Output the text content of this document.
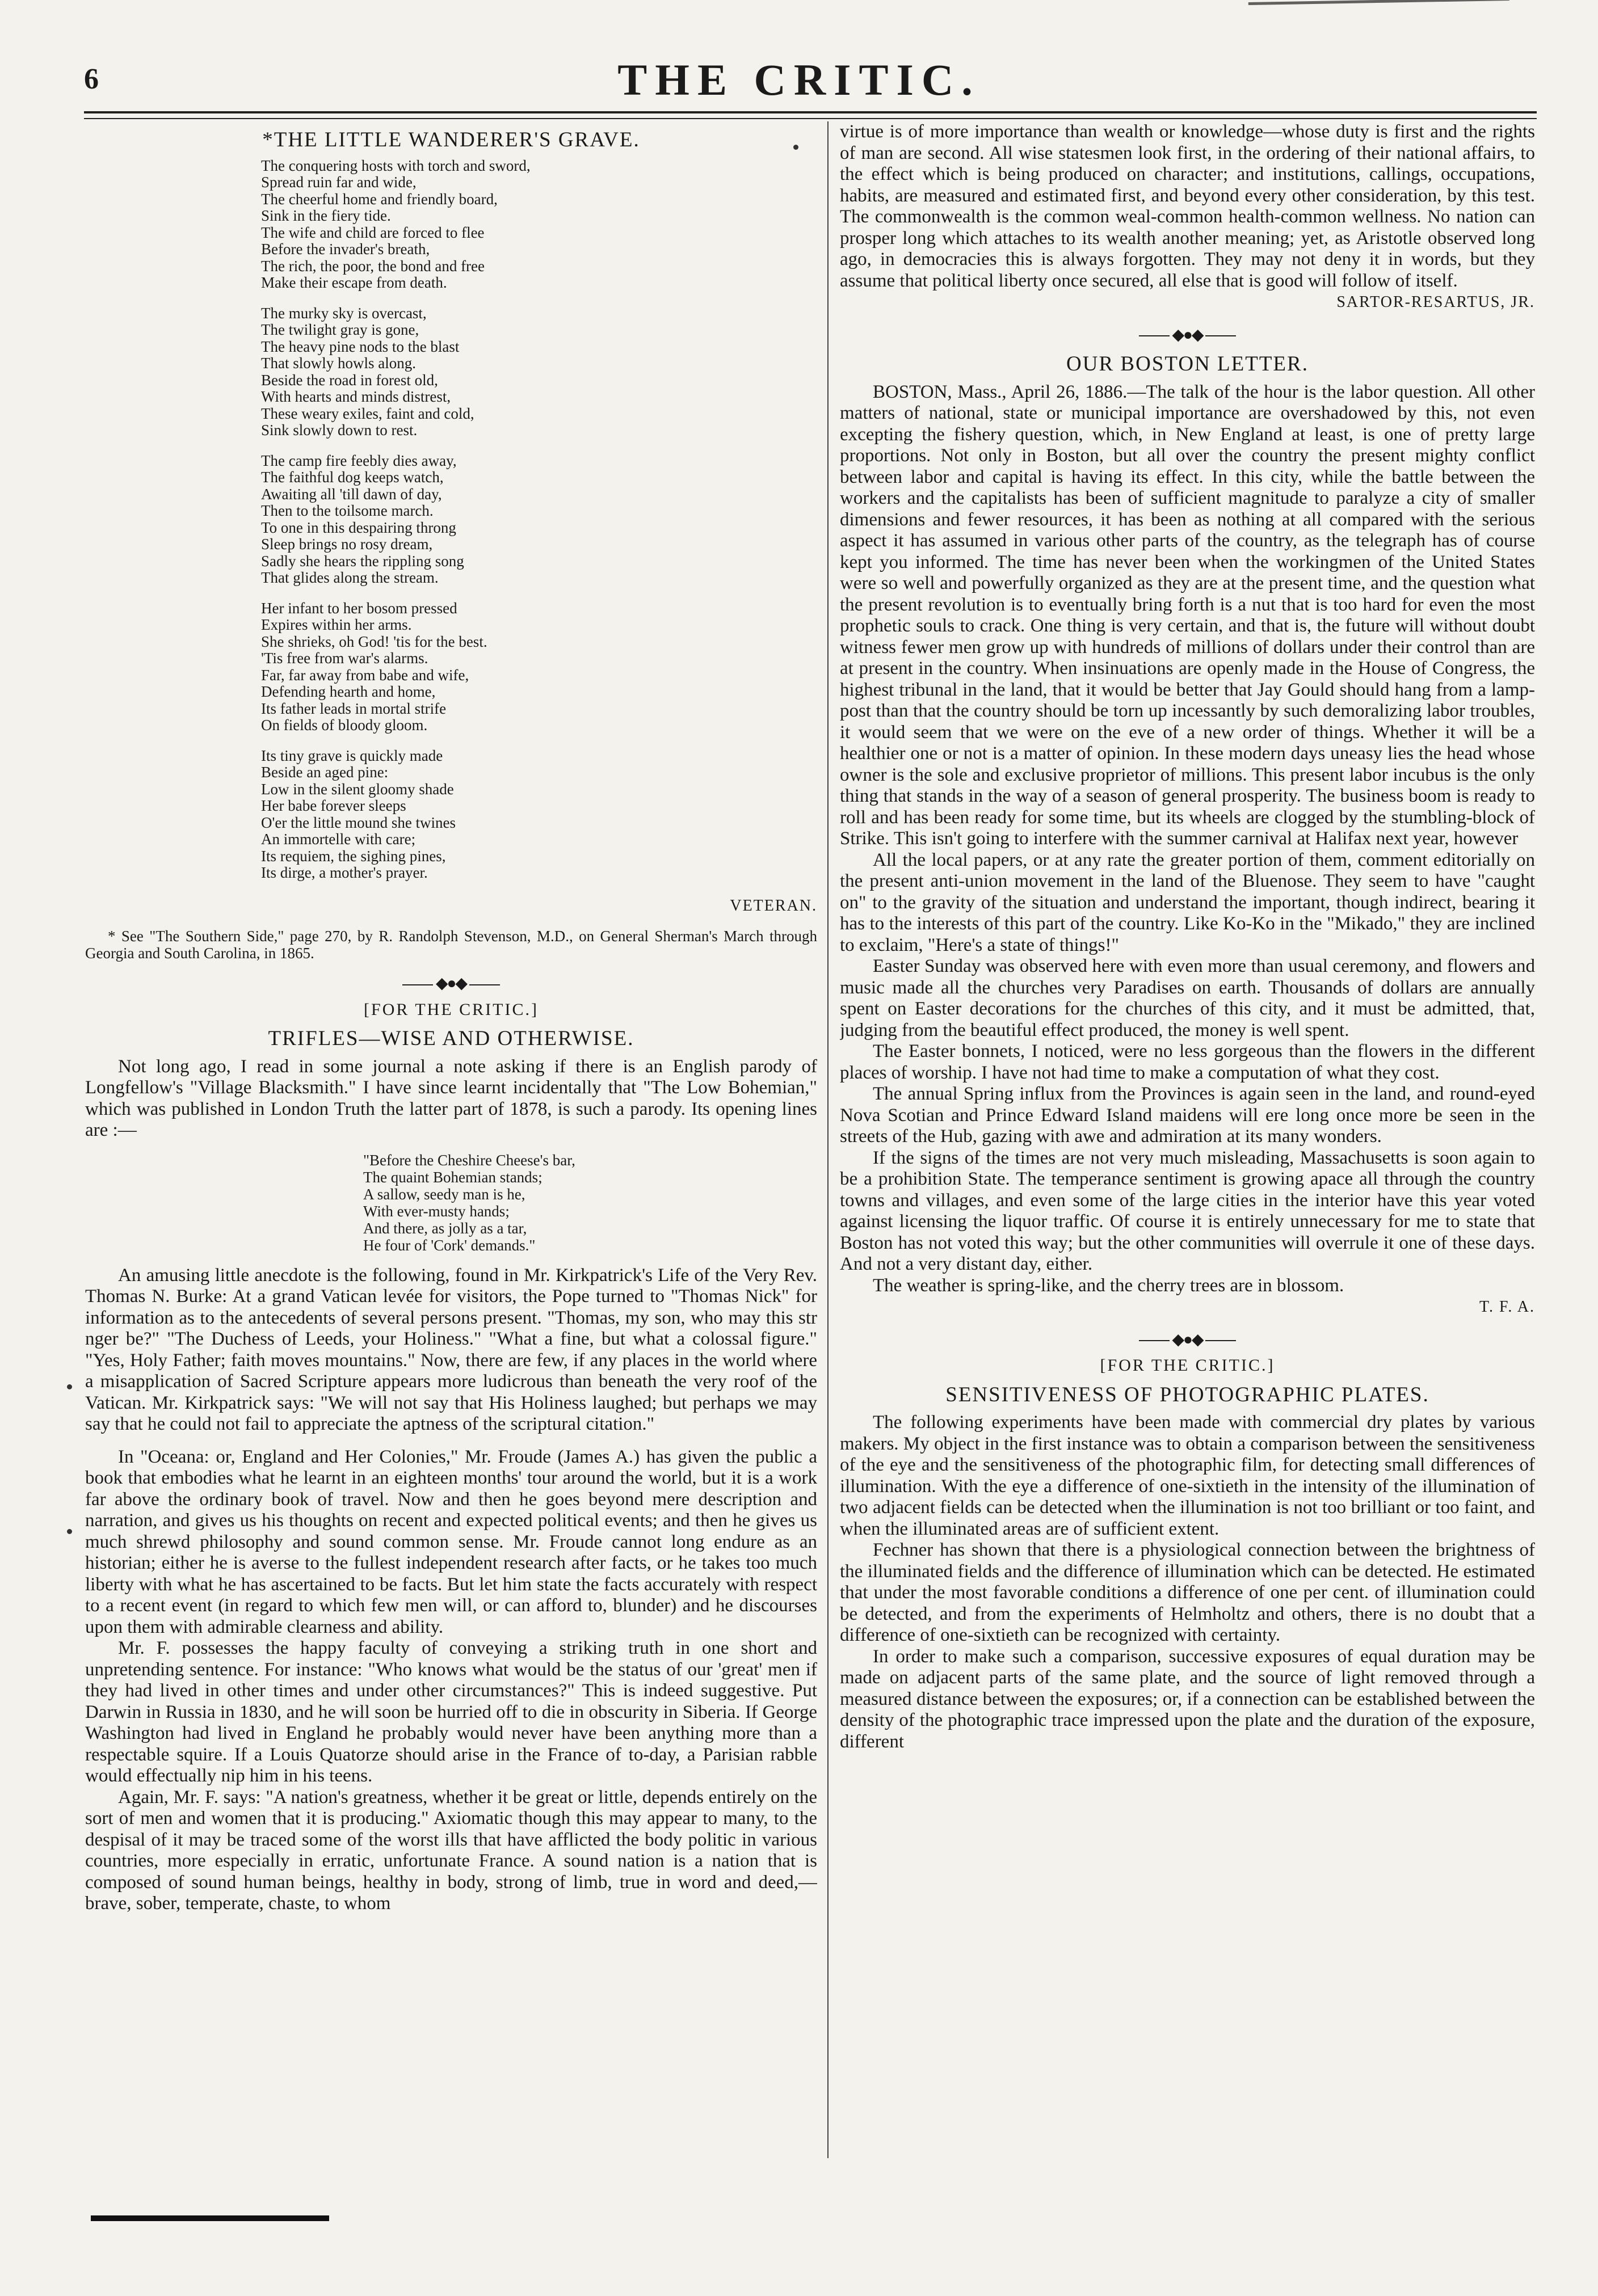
6	THE CRITIC.
*THE LITTLE WANDERER'S GRAVE.
The conquering hosts with torch and sword,
Spread ruin far and wide,
The cheerful home and friendly board,
Sink in the fiery tide.
The wife and child are forced to flee
Before the invader's breath,
The rich, the poor, the bond and free
Make their escape from death.
The murky sky is overcast,
The twilight gray is gone,
The heavy pine nods to the blast
That slowly howls along.
Beside the road in forest old,
With hearts and minds distrest,
These weary exiles, faint and cold,
Sink slowly down to rest.
The camp fire feebly dies away,
The faithful dog keeps watch,
Awaiting all 'till dawn of day,
Then to the toilsome march.
To one in this despairing throng
Sleep brings no rosy dream,
Sadly she hears the rippling song
That glides along the stream.
Her infant to her bosom pressed
Expires within her arms.
She shrieks, oh God! 'tis for the best.
'Tis free from war's alarms.
Far, far away from babe and wife,
Defending hearth and home,
Its father leads in mortal strife
On fields of bloody gloom.
Its tiny grave is quickly made
Beside an aged pine:
Low in the silent gloomy shade
Her babe forever sleeps
O'er the little mound she twines
An immortelle with care;
Its requiem, the sighing pines,
Its dirge, a mother's prayer.
VETERAN.

* See "The Southern Side," page 270, by R. Randolph Stevenson, M.D., on General Sherman's March through Georgia and South Carolina, in 1865.

◆●◆
[FOR THE CRITIC.]
TRIFLES—WISE AND OTHERWISE.

Not long ago, I read in some journal a note asking if there is an English parody of Longfellow's "Village Blacksmith." I have since learnt incidentally that "The Low Bohemian," which was published in London Truth the latter part of 1878, is such a parody. Its opening lines are :—

"Before the Cheshire Cheese's bar,
The quaint Bohemian stands;
A sallow, seedy man is he,
With ever-musty hands;
And there, as jolly as a tar,
He four of 'Cork' demands."

An amusing little anecdote is the following, found in Mr. Kirkpatrick's Life of the Very Rev. Thomas N. Burke: At a grand Vatican levée for visitors, the Pope turned to "Thomas Nick" for information as to the antecedents of several persons present. "Thomas, my son, who may this str nger be?" "The Duchess of Leeds, your Holiness." "What a fine, but what a colossal figure." "Yes, Holy Father; faith moves mountains." Now, there are few, if any places in the world where a misapplication of Sacred Scripture appears more ludicrous than beneath the very roof of the Vatican. Mr. Kirkpatrick says: "We will not say that His Holiness laughed; but perhaps we may say that he could not fail to appreciate the aptness of the scriptural citation."

In "Oceana: or, England and Her Colonies," Mr. Froude (James A.) has given the public a book that embodies what he learnt in an eighteen months' tour around the world, but it is a work far above the ordinary book of travel. Now and then he goes beyond mere description and narration, and gives us his thoughts on recent and expected political events; and then he gives us much shrewd philosophy and sound common sense. Mr. Froude cannot long endure as an historian; either he is averse to the fullest independent research after facts, or he takes too much liberty with what he has ascertained to be facts. But let him state the facts accurately with respect to a recent event (in regard to which few men will, or can afford to, blunder) and he discourses upon them with admirable clearness and ability.

Mr. F. possesses the happy faculty of conveying a striking truth in one short and unpretending sentence. For instance: "Who knows what would be the status of our 'great' men if they had lived in other times and under other circumstances?" This is indeed suggestive. Put Darwin in Russia in 1830, and he will soon be hurried off to die in obscurity in Siberia. If George Washington had lived in England he probably would never have been anything more than a respectable squire. If a Louis Quatorze should arise in the France of to-day, a Parisian rabble would effectually nip him in his teens.

Again, Mr. F. says: "A nation's greatness, whether it be great or little, depends entirely on the sort of men and women that it is producing." Axiomatic though this may appear to many, to the despisal of it may be traced some of the worst ills that have afflicted the body politic in various countries, more especially in erratic, unfortunate France. A sound nation is a nation that is composed of sound human beings, healthy in body, strong of limb, true in word and deed,—brave, sober, temperate, chaste, to whom

virtue is of more importance than wealth or knowledge—whose duty is first and the rights of man are second. All wise statesmen look first, in the ordering of their national affairs, to the effect which is being produced on character; and institutions, callings, occupations, habits, are measured and estimated first, and beyond every other consideration, by this test. The commonwealth is the common weal-common health-common wellness. No nation can prosper long which attaches to its wealth another meaning; yet, as Aristotle observed long ago, in democracies this is always forgotten. They may not deny it in words, but they assume that political liberty once secured, all else that is good will follow of itself.

SARTOR-RESARTUS, JR.
◆●◆
OUR BOSTON LETTER.

BOSTON, Mass., April 26, 1886.—The talk of the hour is the labor question. All other matters of national, state or municipal importance are overshadowed by this, not even excepting the fishery question, which, in New England at least, is one of pretty large proportions. Not only in Boston, but all over the country the present mighty conflict between labor and capital is having its effect. In this city, while the battle between the workers and the capitalists has been of sufficient magnitude to paralyze a city of smaller dimensions and fewer resources, it has been as nothing at all compared with the serious aspect it has assumed in various other parts of the country, as the telegraph has of course kept you informed. The time has never been when the workingmen of the United States were so well and powerfully organized as they are at the present time, and the question what the present revolution is to eventually bring forth is a nut that is too hard for even the most prophetic souls to crack. One thing is very certain, and that is, the future will without doubt witness fewer men grow up with hundreds of millions of dollars under their control than are at present in the country. When insinuations are openly made in the House of Congress, the highest tribunal in the land, that it would be better that Jay Gould should hang from a lamp-post than that the country should be torn up incessantly by such demoralizing labor troubles, it would seem that we were on the eve of a new order of things. Whether it will be a healthier one or not is a matter of opinion. In these modern days uneasy lies the head whose owner is the sole and exclusive proprietor of millions. This present labor incubus is the only thing that stands in the way of a season of general prosperity. The business boom is ready to roll and has been ready for some time, but its wheels are clogged by the stumbling-block of Strike. This isn't going to interfere with the summer carnival at Halifax next year, however

All the local papers, or at any rate the greater portion of them, comment editorially on the present anti-union movement in the land of the Bluenose. They seem to have "caught on" to the gravity of the situation and understand the important, though indirect, bearing it has to the interests of this part of the country. Like Ko-Ko in the "Mikado," they are inclined to exclaim, "Here's a state of things!"

Easter Sunday was observed here with even more than usual ceremony, and flowers and music made all the churches very Paradises on earth. Thousands of dollars are annually spent on Easter decorations for the churches of this city, and it must be admitted, that, judging from the beautiful effect produced, the money is well spent.

The Easter bonnets, I noticed, were no less gorgeous than the flowers in the different places of worship. I have not had time to make a computation of what they cost.

The annual Spring influx from the Provinces is again seen in the land, and round-eyed Nova Scotian and Prince Edward Island maidens will ere long once more be seen in the streets of the Hub, gazing with awe and admiration at its many wonders.

If the signs of the times are not very much misleading, Massachusetts is soon again to be a prohibition State. The temperance sentiment is growing apace all through the country towns and villages, and even some of the large cities in the interior have this year voted against licensing the liquor traffic. Of course it is entirely unnecessary for me to state that Boston has not voted this way; but the other communities will overrule it one of these days. And not a very distant day, either.

The weather is spring-like, and the cherry trees are in blossom.

T. F. A.
◆●◆
[FOR THE CRITIC.]
SENSITIVENESS OF PHOTOGRAPHIC PLATES.

The following experiments have been made with commercial dry plates by various makers. My object in the first instance was to obtain a comparison between the sensitiveness of the eye and the sensitiveness of the photographic film, for detecting small differences of illumination. With the eye a difference of one-sixtieth in the intensity of the illumination of two adjacent fields can be detected when the illumination is not too brilliant or too faint, and when the illuminated areas are of sufficient extent.

Fechner has shown that there is a physiological connection between the brightness of the illuminated fields and the difference of illumination which can be detected. He estimated that under the most favorable conditions a difference of one per cent. of illumination could be detected, and from the experiments of Helmholtz and others, there is no doubt that a difference of one-sixtieth can be recognized with certainty.

In order to make such a comparison, successive exposures of equal duration may be made on adjacent parts of the same plate, and the source of light removed through a measured distance between the exposures; or, if a connection can be established between the density of the photographic trace impressed upon the plate and the duration of the exposure, different
